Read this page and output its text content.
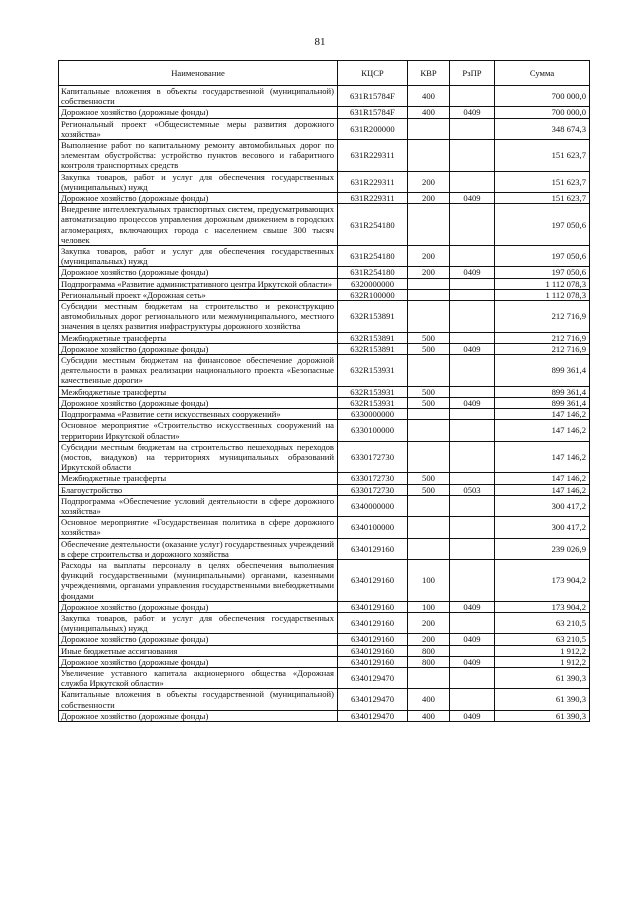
81
Наименование	КЦСР	КВР	РзПР	Сумма
Капитальные вложения в объекты государственной (муниципальной) собственности	631R15784F	400		700 000,0
Дорожное хозяйство (дорожные фонды)	631R15784F	400	0409	700 000,0
Региональный проект «Общесистемные меры развития дорожного хозяйства»	631R200000			348 674,3
Выполнение работ по капитальному ремонту автомобильных дорог по элементам обустройства: устройство пунктов весового и габаритного контроля транспортных средств	631R229311			151 623,7
Закупка товаров, работ и услуг для обеспечения государственных (муниципальных) нужд	631R229311	200		151 623,7
Дорожное хозяйство (дорожные фонды)	631R229311	200	0409	151 623,7
Внедрение интеллектуальных транспортных систем, предусматривающих автоматизацию процессов управления дорожным движением в городских агломерациях, включающих города с населением свыше 300 тысяч человек	631R254180			197 050,6
Закупка товаров, работ и услуг для обеспечения государственных (муниципальных) нужд	631R254180	200		197 050,6
Дорожное хозяйство (дорожные фонды)	631R254180	200	0409	197 050,6
Подпрограмма «Развитие административного центра Иркутской области»	6320000000			1 112 078,3
Региональный проект «Дорожная сеть»	632R100000			1 112 078,3
Субсидии местным бюджетам на строительство и реконструкцию автомобильных дорог регионального или межмуниципального, местного значения в целях развития инфраструктуры дорожного хозяйства	632R153891			212 716,9
Межбюджетные трансферты	632R153891	500		212 716,9
Дорожное хозяйство (дорожные фонды)	632R153891	500	0409	212 716,9
Субсидии местным бюджетам на финансовое обеспечение дорожной деятельности в рамках реализации национального проекта «Безопасные качественные дороги»	632R153931			899 361,4
Межбюджетные трансферты	632R153931	500		899 361,4
Дорожное хозяйство (дорожные фонды)	632R153931	500	0409	899 361,4
Подпрограмма «Развитие сети искусственных сооружений»	6330000000			147 146,2
Основное мероприятие «Строительство искусственных сооружений на территории Иркутской области»	6330100000			147 146,2
Субсидии местным бюджетам на строительство пешеходных переходов (мостов, виадуков) на территориях муниципальных образований Иркутской области	6330172730			147 146,2
Межбюджетные трансферты	6330172730	500		147 146,2
Благоустройство	6330172730	500	0503	147 146,2
Подпрограмма «Обеспечение условий деятельности в сфере дорожного хозяйства»	6340000000			300 417,2
Основное мероприятие «Государственная политика в сфере дорожного хозяйства»	6340100000			300 417,2
Обеспечение деятельности (оказание услуг) государственных учреждений в сфере строительства и дорожного хозяйства	6340129160			239 026,9
Расходы на выплаты персоналу в целях обеспечения выполнения функций государственными (муниципальными) органами, казенными учреждениями, органами управления государственными внебюджетными фондами	6340129160	100		173 904,2
Дорожное хозяйство (дорожные фонды)	6340129160	100	0409	173 904,2
Закупка товаров, работ и услуг для обеспечения государственных (муниципальных) нужд	6340129160	200		63 210,5
Дорожное хозяйство (дорожные фонды)	6340129160	200	0409	63 210,5
Иные бюджетные ассигнования	6340129160	800		1 912,2
Дорожное хозяйство (дорожные фонды)	6340129160	800	0409	1 912,2
Увеличение уставного капитала акционерного общества «Дорожная служба Иркутской области»	6340129470			61 390,3
Капитальные вложения в объекты государственной (муниципальной) собственности	6340129470	400		61 390,3
Дорожное хозяйство (дорожные фонды)	6340129470	400	0409	61 390,3
